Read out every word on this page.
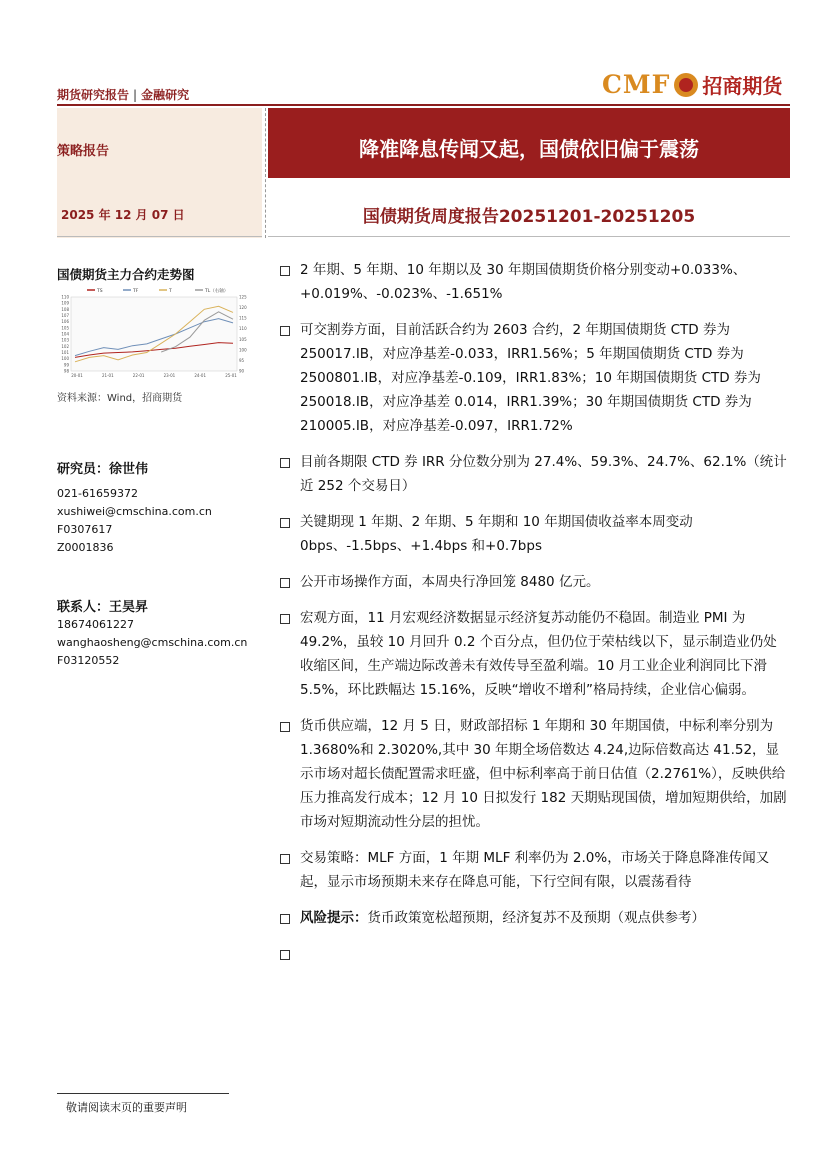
期货研究报告 | 金融研究	CMF 招商期货
策略报告
2025 年 12 月 07 日
降准降息传闻又起，国债依旧偏于震荡
国债期货周度报告20251201-20251205
国债期货主力合约走势图
TS	TF	T	TL（右轴）
110
109
108
107
106
105
104
103
102
101
100
99
98
125
120
115
110
105
100
95
90
20-01	21-01	22-01	23-01	24-01	25-01
资料来源：Wind，招商期货
研究员：徐世伟
021-61659372
xushiwei@cmschina.com.cn
F0307617
Z0001836
联系人：王昊昇
18674061227
wanghaosheng@cmschina.com.cn
F03120552
2 年期、5 年期、10 年期以及 30 年期国债期货价格分别变动+0.033%、+0.019%、-0.023%、-1.651%
可交割券方面，目前活跃合约为 2603 合约，2 年期国债期货 CTD 券为 250017.IB，对应净基差-0.033，IRR1.56%；5 年期国债期货 CTD 券为 2500801.IB，对应净基差-0.109，IRR1.83%；10 年期国债期货 CTD 券为 250018.IB，对应净基差 0.014，IRR1.39%；30 年期国债期货 CTD 券为 210005.IB，对应净基差-0.097，IRR1.72%
目前各期限 CTD 券 IRR 分位数分别为 27.4%、59.3%、24.7%、62.1%（统计近 252 个交易日）
关键期现 1 年期、2 年期、5 年期和 10 年期国债收益率本周变动 0bps、-1.5bps、+1.4bps 和+0.7bps
公开市场操作方面，本周央行净回笼 8480 亿元。
宏观方面，11 月宏观经济数据显示经济复苏动能仍不稳固。制造业 PMI 为 49.2%，虽较 10 月回升 0.2 个百分点，但仍位于荣枯线以下，显示制造业仍处收缩区间，生产端边际改善未有效传导至盈利端。10 月工业企业利润同比下滑 5.5%，环比跌幅达 15.16%，反映“增收不增利”格局持续，企业信心偏弱。
货币供应端，12 月 5 日，财政部招标 1 年期和 30 年期国债，中标利率分别为 1.3680%和 2.3020%,其中 30 年期全场倍数达 4.24,边际倍数高达 41.52，显示市场对超长债配置需求旺盛，但中标利率高于前日估值（2.2761%），反映供给压力推高发行成本；12 月 10 日拟发行 182 天期贴现国债，增加短期供给，加剧市场对短期流动性分层的担忧。
交易策略：MLF 方面，1 年期 MLF 利率仍为 2.0%，市场关于降息降准传闻又起，显示市场预期未来存在降息可能，下行空间有限，以震荡看待
风险提示：货币政策宽松超预期，经济复苏不及预期（观点供参考）
敬请阅读末页的重要声明
